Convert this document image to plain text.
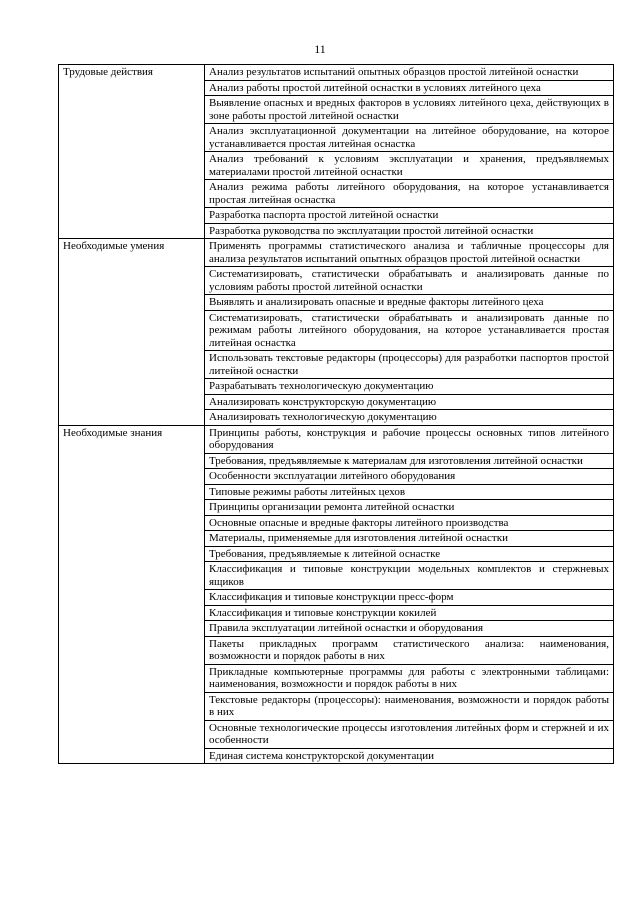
11
Трудовые действия	Анализ результатов испытаний опытных образцов простой литейной оснастки
	Анализ работы простой литейной оснастки в условиях литейного цеха
	Выявление опасных и вредных факторов в условиях литейного цеха, действующих в зоне работы простой литейной оснастки
	Анализ эксплуатационной документации на литейное оборудование, на которое устанавливается простая литейная оснастка
	Анализ требований к условиям эксплуатации и хранения, предъявляемых материалами простой литейной оснастки
	Анализ режима работы литейного оборудования, на которое устанавливается простая литейная оснастка
	Разработка паспорта простой литейной оснастки
	Разработка руководства по эксплуатации простой литейной оснастки
Необходимые умения	Применять программы статистического анализа и табличные процессоры для анализа результатов испытаний опытных образцов простой литейной оснастки
	Систематизировать, статистически обрабатывать и анализировать данные по условиям работы простой литейной оснастки
	Выявлять и анализировать опасные и вредные факторы литейного цеха
	Систематизировать, статистически обрабатывать и анализировать данные по режимам работы литейного оборудования, на которое устанавливается простая литейная оснастка
	Использовать текстовые редакторы (процессоры) для разработки паспортов простой литейной оснастки
	Разрабатывать технологическую документацию
	Анализировать конструкторскую документацию
	Анализировать технологическую документацию
Необходимые знания	Принципы работы, конструкция и рабочие процессы основных типов литейного оборудования
	Требования, предъявляемые к материалам для изготовления литейной оснастки
	Особенности эксплуатации литейного оборудования
	Типовые режимы работы литейных цехов
	Принципы организации ремонта литейной оснастки
	Основные опасные и вредные факторы литейного производства
	Материалы, применяемые для изготовления литейной оснастки
	Требования, предъявляемые к литейной оснастке
	Классификация и типовые конструкции модельных комплектов и стержневых ящиков
	Классификация и типовые конструкции пресс-форм
	Классификация и типовые конструкции кокилей
	Правила эксплуатации литейной оснастки и оборудования
	Пакеты прикладных программ статистического анализа: наименования, возможности и порядок работы в них
	Прикладные компьютерные программы для работы с электронными таблицами: наименования, возможности и порядок работы в них
	Текстовые редакторы (процессоры): наименования, возможности и порядок работы в них
	Основные технологические процессы изготовления литейных форм и стержней и их особенности
	Единая система конструкторской документации
